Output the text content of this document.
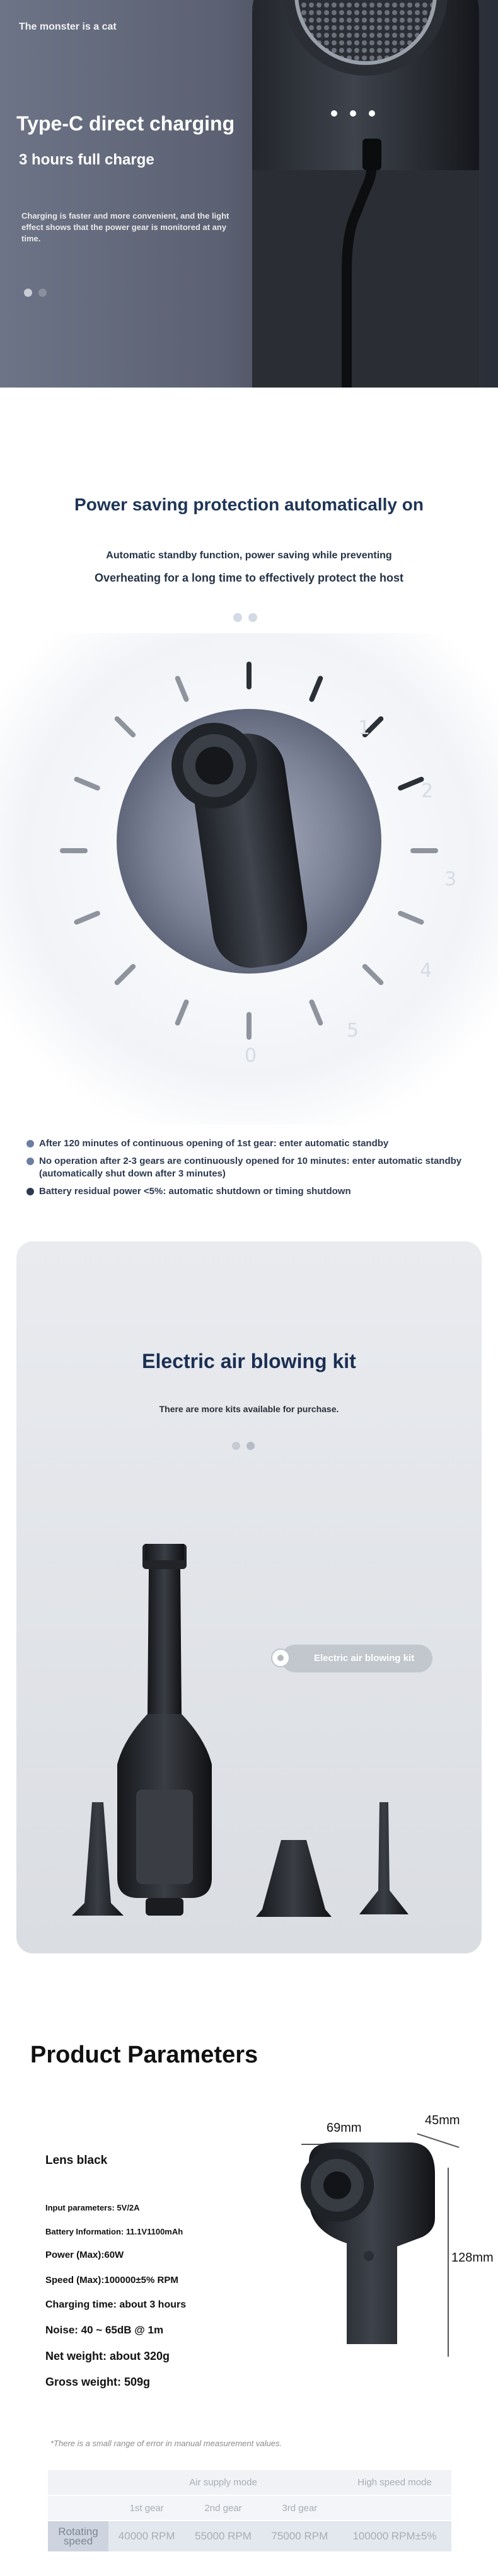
The monster is a cat
Type-C direct charging
3 hours full charge
Charging is faster and more convenient, and the light effect shows that the power gear is monitored at any time.
Power saving protection automatically on
Automatic standby function, power saving while preventing
Overheating for a long time to effectively protect the host
1
2
3
4
5
0
After 120 minutes of continuous opening of 1st gear: enter automatic standby
No operation after 2-3 gears are continuously opened for 10 minutes: enter automatic standby (automatically shut down after 3 minutes)
Battery residual power <5%: automatic shutdown or timing shutdown
Electric air blowing kit
There are more kits available for purchase.
Electric air blowing kit
Product Parameters
Lens black
Input parameters: 5V/2A
Battery Information: 11.1V1100mAh
Power (Max):60W
Speed (Max):100000±5% RPM
Charging time: about 3 hours
Noise: 40 ~ 65dB @ 1m
Net weight: about 320g
Gross weight: 509g
69mm
45mm
128mm
*There is a small range of error in manual measurement values.
	Air supply mode			High speed mode
	1st gear	2nd gear	3rd gear	
Rotating speed	40000 RPM	55000 RPM	75000 RPM	100000 RPM±5%
